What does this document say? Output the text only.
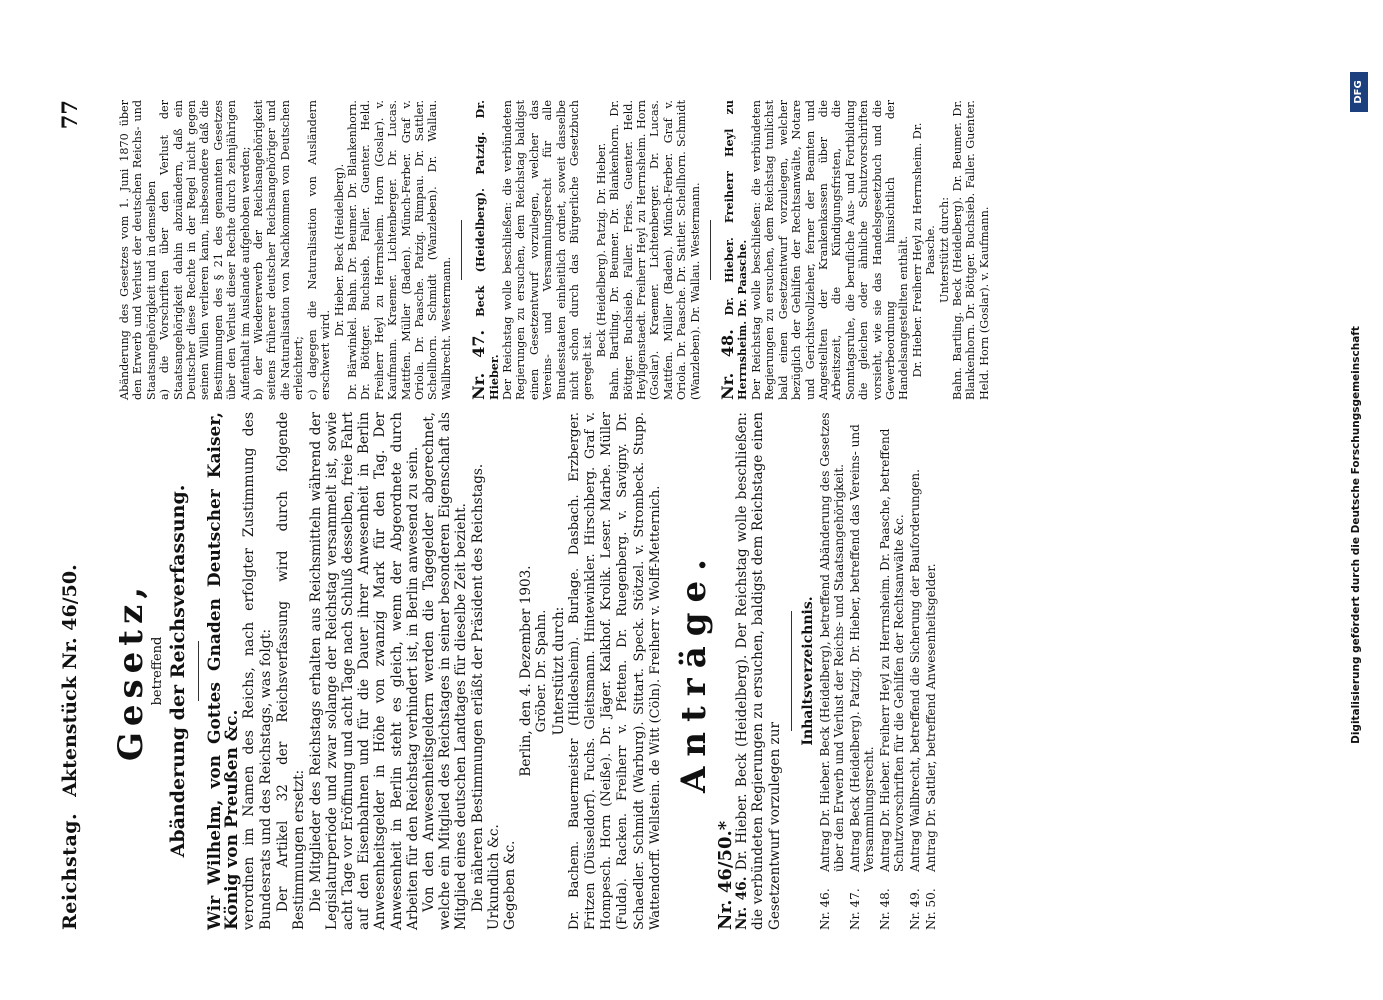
Reichstag.
Aktenstück Nr. 46/50.
77
Gesetz, betreffend Abänderung der Reichsverfassung. Wir Wilhelm, von Gottes Gnaden Deutscher Kaiser, König von Preußen &c. verordnen im Namen des Reichs, nach erfolgter Zustimmung des Bundesrats und des Reichstags, was folgt: Der Artikel 32 der Reichsverfassung wird durch folgende Bestimmungen ersetzt: Die Mitglieder des Reichstags erhalten aus Reichsmitteln während der Legislaturperiode und zwar solange der Reichstag versammelt ist, sowie acht Tage vor Eröffnung und acht Tage nach Schluß desselben, freie Fahrt auf den Eisenbahnen und für die Dauer ihrer Anwesenheit in Berlin Anwesenheitsgelder in Höhe von zwanzig Mark für den Tag. Der Anwesenheit in Berlin steht es gleich, wenn der Abgeordnete durch Arbeiten für den Reichstag verhindert ist, in Berlin anwesend zu sein. Von den Anwesenheitsgeldern werden die Tagegelder abgerechnet, welche ein Mitglied des Reichstages in seiner besonderen Eigenschaft als Mitglied eines deutschen Landtages für dieselbe Zeit bezieht. Die näheren Bestimmungen erläßt der Präsident des Reichstags. Urkundlich &c. Gegeben &c.
Berlin, den 4. Dezember 1903. Gröber. Dr. Spahn. Unterstützt durch: Dr. Bachem. Bauermeister (Hildesheim). Burlage. Dasbach. Erzberger. Fritzen (Düsseldorf). Fuchs. Gleitsmann. Hintewinkler. Hirschberg. Graf v. Hompesch. Horn (Neiße). Dr. Jäger. Kalkhof. Krolik. Leser. Marbe. Müller (Fulda). Racken. Freiherr v. Pfetten. Dr. Ruegenberg. v. Savigny. Dr. Schaedler. Schmidt (Warburg). Sittart. Speck. Stötzel. v. Strombeck. Stupp. Wattendorff. Wellstein. de Witt (Cöln). Freiherr v. Wolff-Metternich. Anträge.
Nr. 46/50.*

Nr. 46. Dr. Hieber. Beck (Heidelberg). Der Reichstag wolle beschließen: die verbündeten Regierungen zu ersuchen, baldigst dem Reichstage einen Gesetzentwurf vorzulegen zur

Inhaltsverzeichnis.
Nr. 46.
Antrag Dr. Hieber. Beck (Heidelberg), betreffend Abänderung des Gesetzes über den Erwerb und Verlust der Reichs- und Staatsangehörigkeit.
Nr. 47.
Antrag Beck (Heidelberg). Patzig. Dr. Hieber, betreffend das Vereins- und Versammlungsrecht.
Nr. 48.
Antrag Dr. Hieber. Freiherr Heyl zu Herrnsheim. Dr. Paasche, betreffend Schutzvorschriften für die Gehilfen der Rechtsanwälte &c.
Nr. 49.
Antrag Wallbrecht, betreffend die Sicherung der Bauforderungen.
Nr. 50.
Antrag Dr. Sattler, betreffend Anwesenheitsgelder.

Abänderung des Gesetzes vom 1. Juni 1870 über den Erwerb und Verlust der deutschen Reichs- und Staatsangehörigkeit und in demselben a) die Vorschriften über den Verlust der Staatsangehörigkeit dahin abzuändern, daß ein Deutscher diese Rechte in der Regel nicht gegen seinen Willen verlieren kann, insbesondere daß die Bestimmungen des § 21 des genannten Gesetzes über den Verlust dieser Rechte durch zehnjährigen Aufenthalt im Auslande aufgehoben werden; b) der Wiedererwerb der Reichsangehörigkeit seitens früherer deutscher Reichsangehöriger und die Naturalisation von Nachkommen von Deutschen erleichtert; c) dagegen die Naturalisation von Ausländern erschwert wird.

Dr. Hieber. Beck (Heidelberg). Dr. Bärwinkel. Bahn. Dr. Beumer. Dr. Blankenhorn. Dr. Böttger. Buchsieb. Faller. Guenter. Held. Freiherr Heyl zu Herrnsheim. Horn (Goslar). v. Kaufmann. Kraemer. Lichtenberger. Dr. Lucas. Mattfen. Müller (Baden). Münch-Ferber. Graf v. Oriola. Dr. Paasche. Patzig. Rimpau. Dr. Sattler. Schellhorn. Schmidt (Wanzleben). Dr. Wallau. Wallbrecht. Westermann. Nr. 47. Beck (Heidelberg). Patzig. Dr. Hieber. Der Reichstag wolle beschließen: die verbündeten Regierungen zu ersuchen, dem Reichstag baldigst einen Gesetzentwurf vorzulegen, welcher das Vereins- und Versammlungsrecht für alle Bundesstaaten einheitlich ordnet, soweit dasselbe nicht schon durch das Bürgerliche Gesetzbuch geregelt ist.

Beck (Heidelberg). Patzig. Dr. Hieber. Bahn. Bartling. Dr. Beumer. Dr. Blankenhorn. Dr. Böttger. Buchsieb. Faller. Fries. Guenter. Held. Heyligenstaedt. Freiherr Heyl zu Herrnsheim. Horn (Goslar). Kraemer. Lichtenberger. Dr. Lucas. Mattfen. Müller (Baden). Münch-Ferber. Graf v. Oriola. Dr. Paasche. Dr. Sattler. Schellhorn. Schmidt (Wanzleben). Dr. Wallau. Westermann. Nr. 48. Dr. Hieber. Freiherr Heyl zu Herrnsheim. Dr. Paasche. Der Reichstag wolle beschließen: die verbündeten Regierungen zu ersuchen, dem Reichstag tunlichst bald einen Gesetzentwurf vorzulegen, welcher bezüglich der Gehilfen der Rechtsanwälte, Notare und Gerichtsvollzieher, ferner der Beamten und Angestellten der Krankenkassen über die Arbeitszeit, die Kündigungsfristen, die Sonntagsruhe, die berufliche Aus- und Fortbildung die gleichen oder ähnliche Schutzvorschriften vorsieht, wie sie das Handelsgesetzbuch und die Gewerbeordnung hinsichtlich der Handelsangestellten enthält. Dr. Hieber. Freiherr Heyl zu Herrnsheim. Dr. Paasche. Unterstützt durch: Bahn. Bartling. Beck (Heidelberg). Dr. Beumer. Dr. Blankenhorn. Dr. Böttger. Buchsieb. Faller. Guenter. Held. Horn (Goslar). v. Kaufmann.

Digitalisierung gefördert durch die Deutsche Forschungsgemeinschaft
DFG
